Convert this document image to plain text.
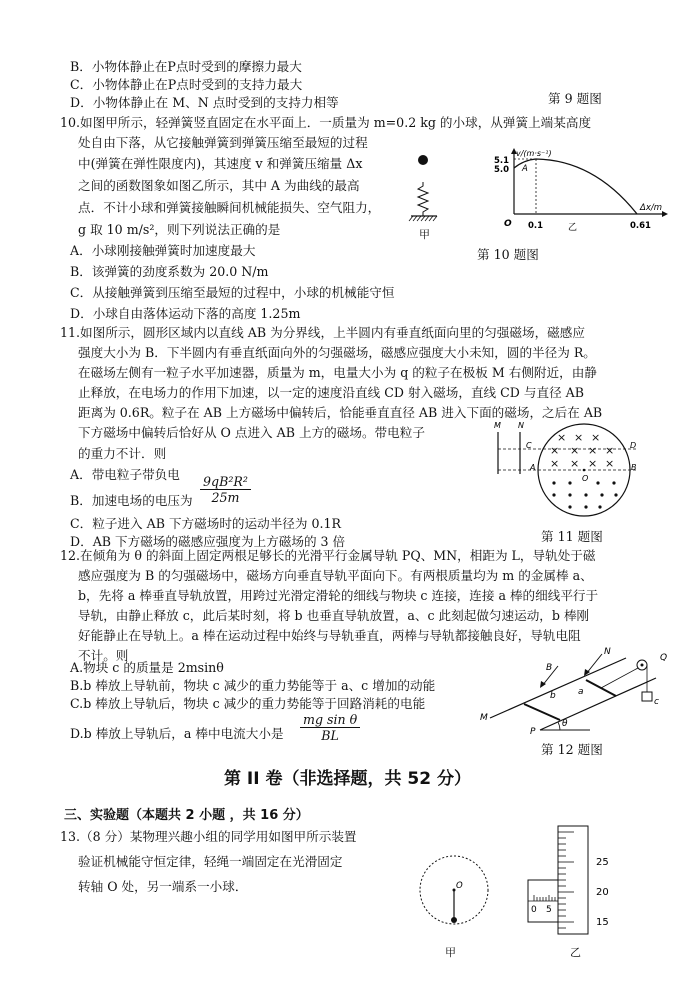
B．小物体静止在P点时受到的摩擦力最大
C．小物体静止在P点时受到的支持力最大
D．小物体静止在 M、N 点时受到的支持力相等	第 9 题图
10.如图甲所示，轻弹簧竖直固定在水平面上．一质量为 m=0.2 kg 的小球，从弹簧上端某高度
处自由下落，从它接触弹簧到弹簧压缩至最短的过程
中(弹簧在弹性限度内)，其速度 v 和弹簧压缩量 Δx
之间的函数图象如图乙所示，其中 A 为曲线的最高
点．不计小球和弹簧接触瞬间机械能损失、空气阻力，
g 取 10 m/s²，则下列说法正确的是
A．小球刚接触弹簧时加速度最大
B．该弹簧的劲度系数为 20.0 N/m
C．从接触弹簧到压缩至最短的过程中，小球的机械能守恒
D．小球自由落体运动下落的高度 1.25m
甲
v/(m·s⁻¹)
5.1
5.0 A
O 0.1	0.61
Δx/m
乙
第 10 题图
11.如图所示，圆形区域内以直线 AB 为分界线，上半圆内有垂直纸面向里的匀强磁场，磁感应
强度大小为 B．下半圆内有垂直纸面向外的匀强磁场，磁感应强度大小未知，圆的半径为 R。
在磁场左侧有一粒子水平加速器，质量为 m，电量大小为 q 的粒子在极板 M 右侧附近，由静
止释放，在电场力的作用下加速，以一定的速度沿直线 CD 射入磁场，直线 CD 与直径 AB
距离为 0.6R。粒子在 AB 上方磁场中偏转后，恰能垂直直径 AB 进入下面的磁场，之后在 AB
下方磁场中偏转后恰好从 O 点进入 AB 上方的磁场。带电粒子
的重力不计．则
A．带电粒子带负电
B．加速电场的电压为 $\frac{\text{9qB²R²}}{25m}$
C．粒子进入 AB 下方磁场时的运动半径为 0.1R
D．AB 下方磁场的磁感应强度为上方磁场的 3 倍
M N
C	D
A	B
O
× × ×
× × × ×
× × × ×
第 11 题图
12.在倾角为 θ 的斜面上固定两根足够长的光滑平行金属导轨 PQ、MN，相距为 L，导轨处于磁
感应强度为 B 的匀强磁场中，磁场方向垂直导轨平面向下。有两根质量均为 m 的金属棒 a、
b，先将 a 棒垂直导轨放置，用跨过光滑定滑轮的细线与物块 c 连接，连接 a 棒的细线平行于
导轨，由静止释放 c，此后某时刻，将 b 也垂直导轨放置，a、c 此刻起做匀速运动，b 棒刚
好能静止在导轨上。a 棒在运动过程中始终与导轨垂直，两棒与导轨都接触良好，导轨电阻
不计。则
A.物块 c 的质量是 2msinθ
B.b 棒放上导轨前，物块 c 减少的重力势能等于 a、c 增加的动能
C.b 棒放上导轨后，物块 c 减少的重力势能等于回路消耗的电能
D.b 棒放上导轨后，a 棒中电流大小是 $\frac{\text{mg sin θ}}{BL}$	θ
B
N
Q
b a
c
M
P
第 12 题图
第 II 卷（非选择题，共 52 分）
三、实验题（本题共 2 小题 ，共 16 分）
13.（8 分）某物理兴趣小组的同学用如图甲所示装置
验证机械能守恒定律，轻绳一端固定在光滑固定
转轴 O 处，另一端系一小球．	O
甲
0 5
25
20
15
乙
